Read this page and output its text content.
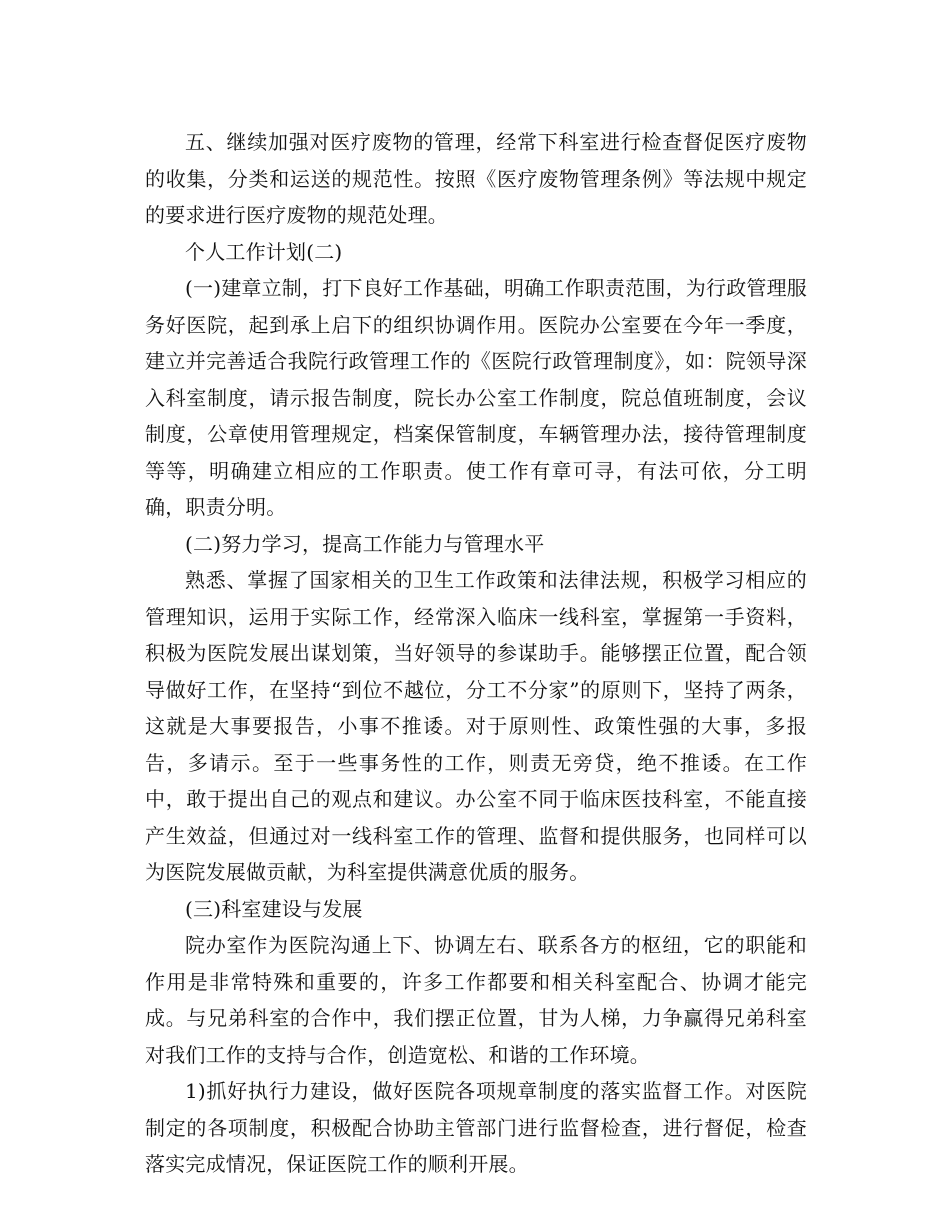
五、继续加强对医疗废物的管理，经常下科室进行检查督促医疗废物的收集，分类和运送的规范性。按照《医疗废物管理条例》等法规中规定的要求进行医疗废物的规范处理。

个人工作计划(二)

(一)建章立制，打下良好工作基础，明确工作职责范围，为行政管理服务好医院，起到承上启下的组织协调作用。医院办公室要在今年一季度，建立并完善适合我院行政管理工作的《医院行政管理制度》，如：院领导深入科室制度，请示报告制度，院长办公室工作制度，院总值班制度，会议制度，公章使用管理规定，档案保管制度，车辆管理办法，接待管理制度等等，明确建立相应的工作职责。使工作有章可寻，有法可依，分工明确，职责分明。

(二)努力学习，提高工作能力与管理水平

熟悉、掌握了国家相关的卫生工作政策和法律法规，积极学习相应的管理知识，运用于实际工作，经常深入临床一线科室，掌握第一手资料，积极为医院发展出谋划策，当好领导的参谋助手。能够摆正位置，配合领导做好工作，在坚持“到位不越位，分工不分家”的原则下，坚持了两条，这就是大事要报告，小事不推诿。对于原则性、政策性强的大事，多报告，多请示。至于一些事务性的工作，则责无旁贷，绝不推诿。在工作中，敢于提出自己的观点和建议。办公室不同于临床医技科室，不能直接产生效益，但通过对一线科室工作的管理、监督和提供服务，也同样可以为医院发展做贡献，为科室提供满意优质的服务。

(三)科室建设与发展

院办室作为医院沟通上下、协调左右、联系各方的枢纽，它的职能和作用是非常特殊和重要的，许多工作都要和相关科室配合、协调才能完成。与兄弟科室的合作中，我们摆正位置，甘为人梯，力争赢得兄弟科室对我们工作的支持与合作，创造宽松、和谐的工作环境。

1)抓好执行力建设，做好医院各项规章制度的落实监督工作。对医院制定的各项制度，积极配合协助主管部门进行监督检查，进行督促，检查落实完成情况，保证医院工作的顺利开展。
